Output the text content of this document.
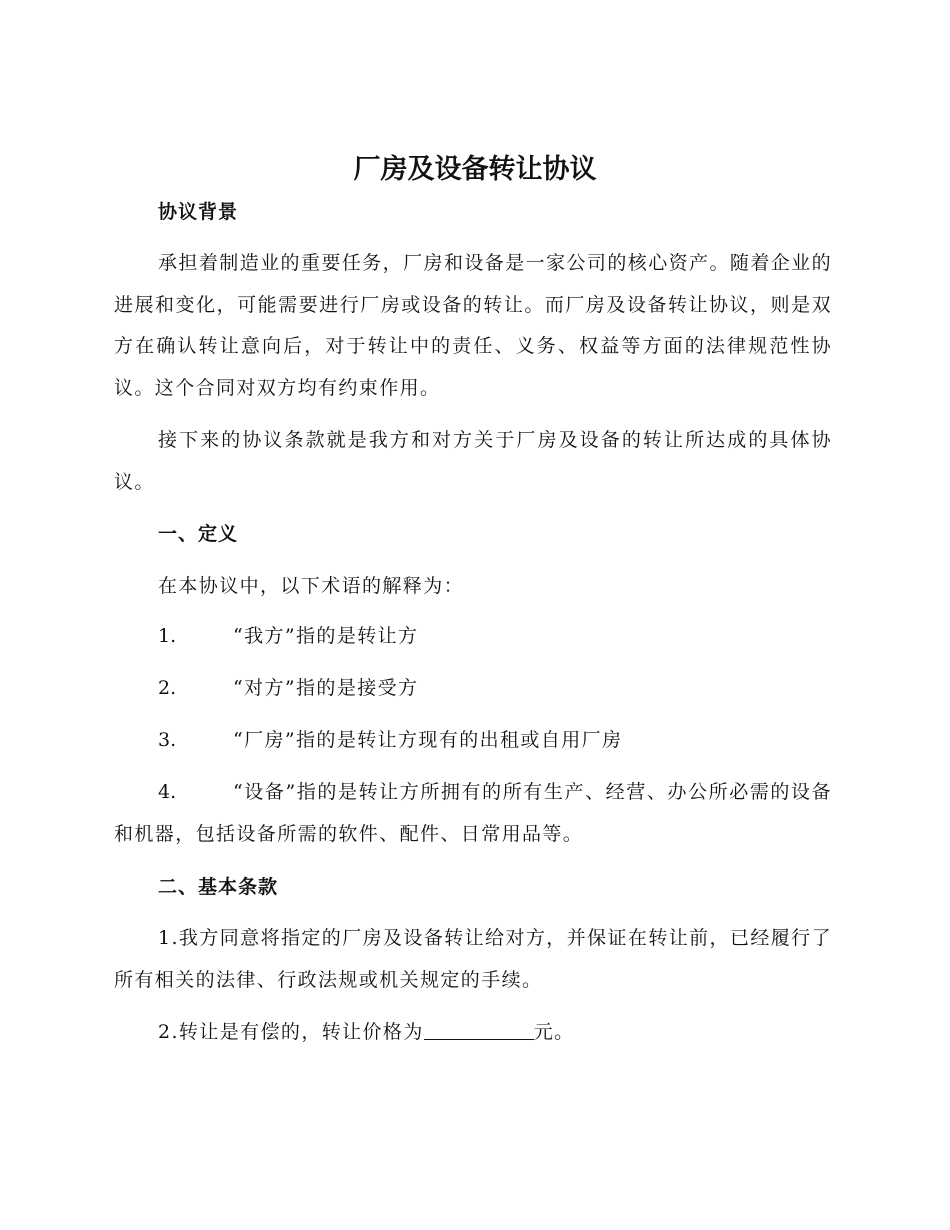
厂房及设备转让协议
协议背景

承担着制造业的重要任务，厂房和设备是一家公司的核心资产。随着企业的进展和变化，可能需要进行厂房或设备的转让。而厂房及设备转让协议，则是双方在确认转让意向后，对于转让中的责任、义务、权益等方面的法律规范性协议。这个合同对双方均有约束作用。

接下来的协议条款就是我方和对方关于厂房及设备的转让所达成的具体协议。

一、定义

在本协议中，以下术语的解释为：

1.	“我方”指的是转让方

2.	“对方”指的是接受方

3.	“厂房”指的是转让方现有的出租或自用厂房

4.	“设备”指的是转让方所拥有的所有生产、经营、办公所必需的设备和机器，包括设备所需的软件、配件、日常用品等。

二、基本条款

1.我方同意将指定的厂房及设备转让给对方，并保证在转让前，已经履行了所有相关的法律、行政法规或机关规定的手续。

2.转让是有偿的，转让价格为	元。
